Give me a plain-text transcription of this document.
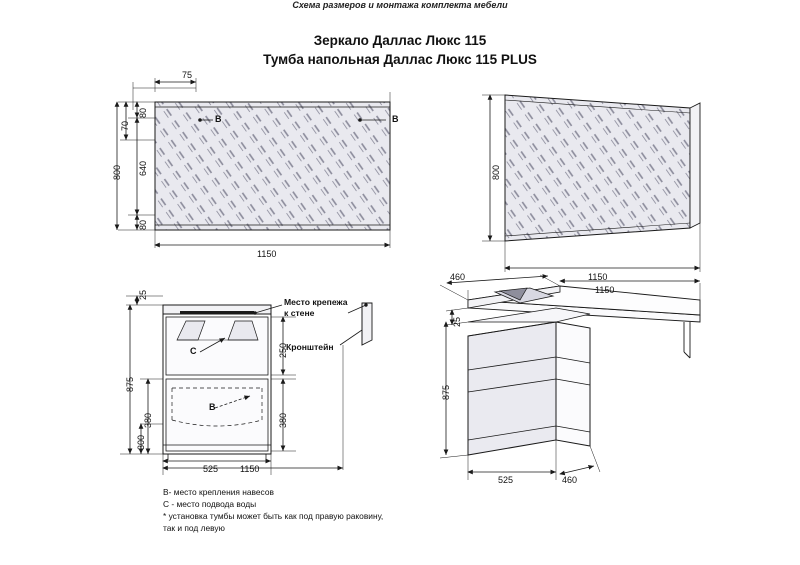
Зеркало Даллас Люкс 115
Тумба напольная Даллас Люкс 115 PLUS
Схема размеров и монтажа комплекта мебели
75
80
70
640
80
800
1150
B	B
800
1150
25
875
380
300
250
380
525 1150
C
B
Место крепежа
к стене
Кронштейн
460
25
875
525	460
1150
B- место крепления навесов
C - место подвода воды
* установка тумбы может быть как под правую раковину,
так и под левую
